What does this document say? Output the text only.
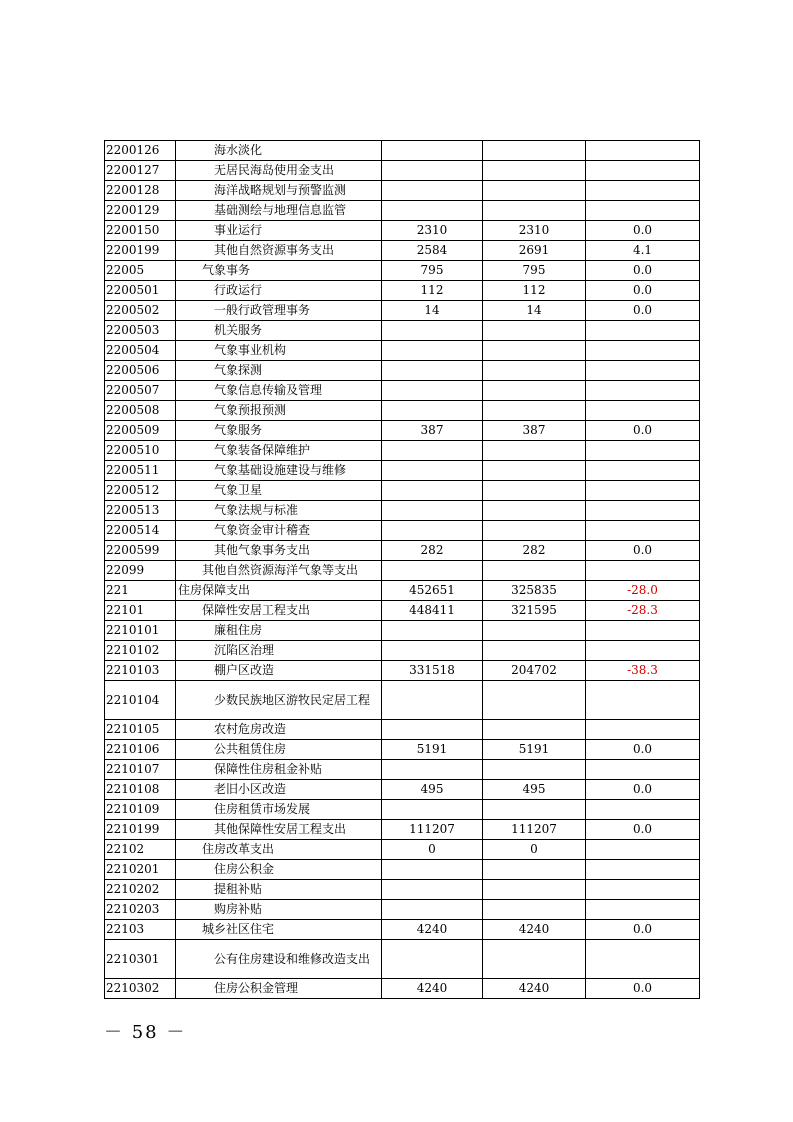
2200126	海水淡化			
2200127	无居民海岛使用金支出			
2200128	海洋战略规划与预警监测			
2200129	基础测绘与地理信息监管			
2200150	事业运行	2310	2310	0.0
2200199	其他自然资源事务支出	2584	2691	4.1
22005	气象事务	795	795	0.0
2200501	行政运行	112	112	0.0
2200502	一般行政管理事务	14	14	0.0
2200503	机关服务			
2200504	气象事业机构			
2200506	气象探测			
2200507	气象信息传输及管理			
2200508	气象预报预测			
2200509	气象服务	387	387	0.0
2200510	气象装备保障维护			
2200511	气象基础设施建设与维修			
2200512	气象卫星			
2200513	气象法规与标准			
2200514	气象资金审计稽查			
2200599	其他气象事务支出	282	282	0.0
22099	其他自然资源海洋气象等支出			
221	住房保障支出	452651	325835	-28.0
22101	保障性安居工程支出	448411	321595	-28.3
2210101	廉租住房			
2210102	沉陷区治理			
2210103	棚户区改造	331518	204702	-38.3
2210104	少数民族地区游牧民定居工程			
2210105	农村危房改造			
2210106	公共租赁住房	5191	5191	0.0
2210107	保障性住房租金补贴			
2210108	老旧小区改造	495	495	0.0
2210109	住房租赁市场发展			
2210199	其他保障性安居工程支出	111207	111207	0.0
22102	住房改革支出	0	0	
2210201	住房公积金			
2210202	提租补贴			
2210203	购房补贴			
22103	城乡社区住宅	4240	4240	0.0
2210301	公有住房建设和维修改造支出			
2210302	住房公积金管理	4240	4240	0.0
－ 58 －
